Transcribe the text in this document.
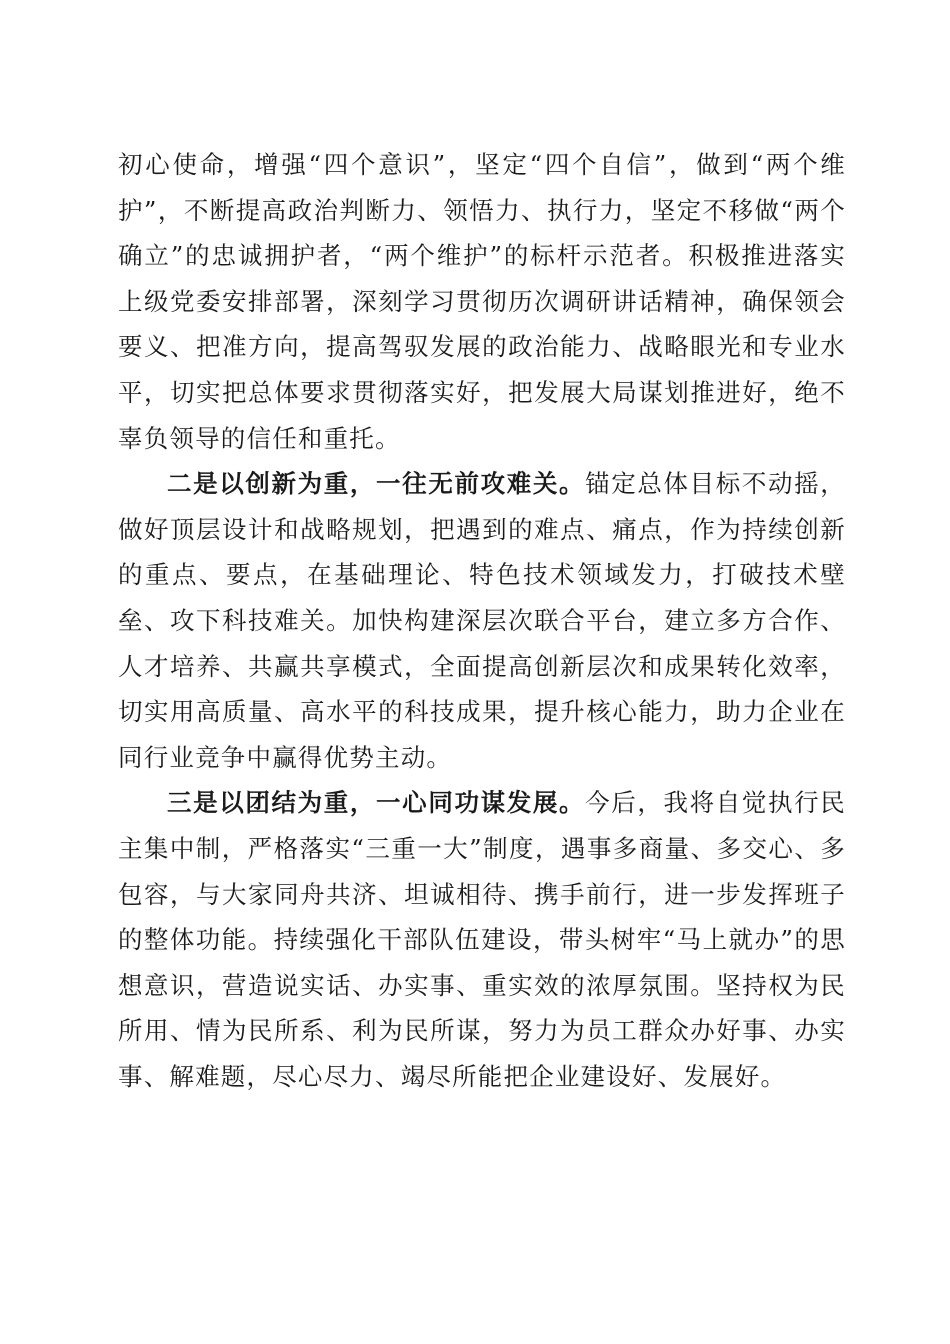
初心使命，增强“四个意识”，坚定“四个自信”，做到“两个维护”，不断提高政治判断力、领悟力、执行力，坚定不移做“两个确立”的忠诚拥护者，“两个维护”的标杆示范者。积极推进落实上级党委安排部署，深刻学习贯彻历次调研讲话精神，确保领会要义、把准方向，提高驾驭发展的政治能力、战略眼光和专业水平，切实把总体要求贯彻落实好，把发展大局谋划推进好，绝不辜负领导的信任和重托。

二是以创新为重，一往无前攻难关。锚定总体目标不动摇，做好顶层设计和战略规划，把遇到的难点、痛点，作为持续创新的重点、要点，在基础理论、特色技术领域发力，打破技术壁垒、攻下科技难关。加快构建深层次联合平台，建立多方合作、人才培养、共赢共享模式，全面提高创新层次和成果转化效率，切实用高质量、高水平的科技成果，提升核心能力，助力企业在同行业竞争中赢得优势主动。

三是以团结为重，一心同功谋发展。今后，我将自觉执行民主集中制，严格落实“三重一大”制度，遇事多商量、多交心、多包容，与大家同舟共济、坦诚相待、携手前行，进一步发挥班子的整体功能。持续强化干部队伍建设，带头树牢“马上就办”的思想意识，营造说实话、办实事、重实效的浓厚氛围。坚持权为民所用、情为民所系、利为民所谋，努力为员工群众办好事、办实事、解难题，尽心尽力、竭尽所能把企业建设好、发展好。
